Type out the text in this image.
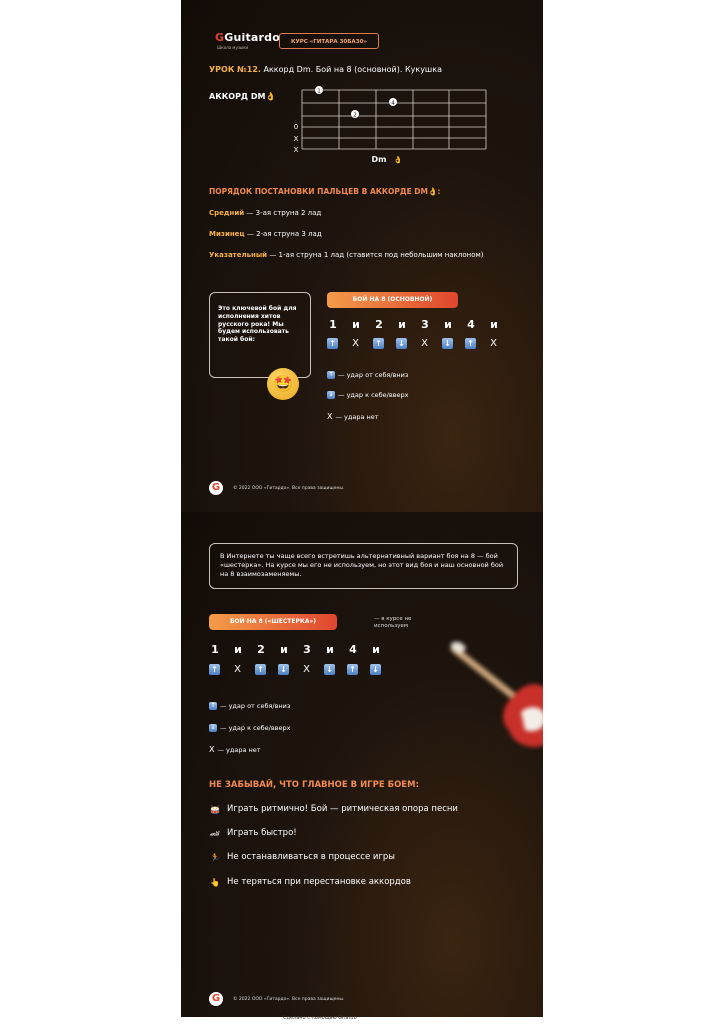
GGuitardo
Школа музыки
КУРС «ГИТАРА 30БАЗ0»
УРОК №12. Аккорд Dm. Бой на 8 (основной). Кукушка
АККОРД DM👌
1
2
4
0
X
X
Dm 👌
ПОРЯДОК ПОСТАНОВКИ ПАЛЬЦЕВ В АККОРДЕ DM👌:
Средний — 3-ая струна 2 лад
Мизинец — 2-ая струна 3 лад
Указательный — 1-ая струна 1 лад (ставится под небольшим наклоном)
Это ключевой бой для исполнения хитов русского рока! Мы будем использовать такой бой:
🤩
БОЙ НА 8 (ОСНОВНОЙ)
1	и	2	и	3	и	4	и
↑ X ↑ ↓ X ↓ ↑ X
↑ — удар от себя/вниз
↓ — удар к себе/вверх
X — удара нет
G	© 2022 ООО «Гитардо». Все права защищены.
В Интернете ты чаще всего встретишь альтернативный вариант боя на 8 — бой «шестерка». На курсе мы его не используем, но этот вид боя и наш основной бой на 8 взаимозаменяемы.
БОЙ НА 8 («ШЕСТЕРКА»)	— в курсе не используем
1	и	2	и	3	и	4	и
↑ X ↑ ↓ X ↓ ↑ ↓
↑ — удар от себя/вниз
↓ — удар к себе/вверх
X — удара нет
НЕ ЗАБЫВАЙ, ЧТО ГЛАВНОЕ В ИГРЕ БОЕМ:
🥁 Играть ритмично! Бой — ритмическая опора песни
🏎 Играть быстро!
🏃 Не останавливаться в процессе игры
👆 Не теряться при перестановке аккордов
G	© 2022 ООО «Гитардо». Все права защищены.
Сделано с помощью Gitardo
